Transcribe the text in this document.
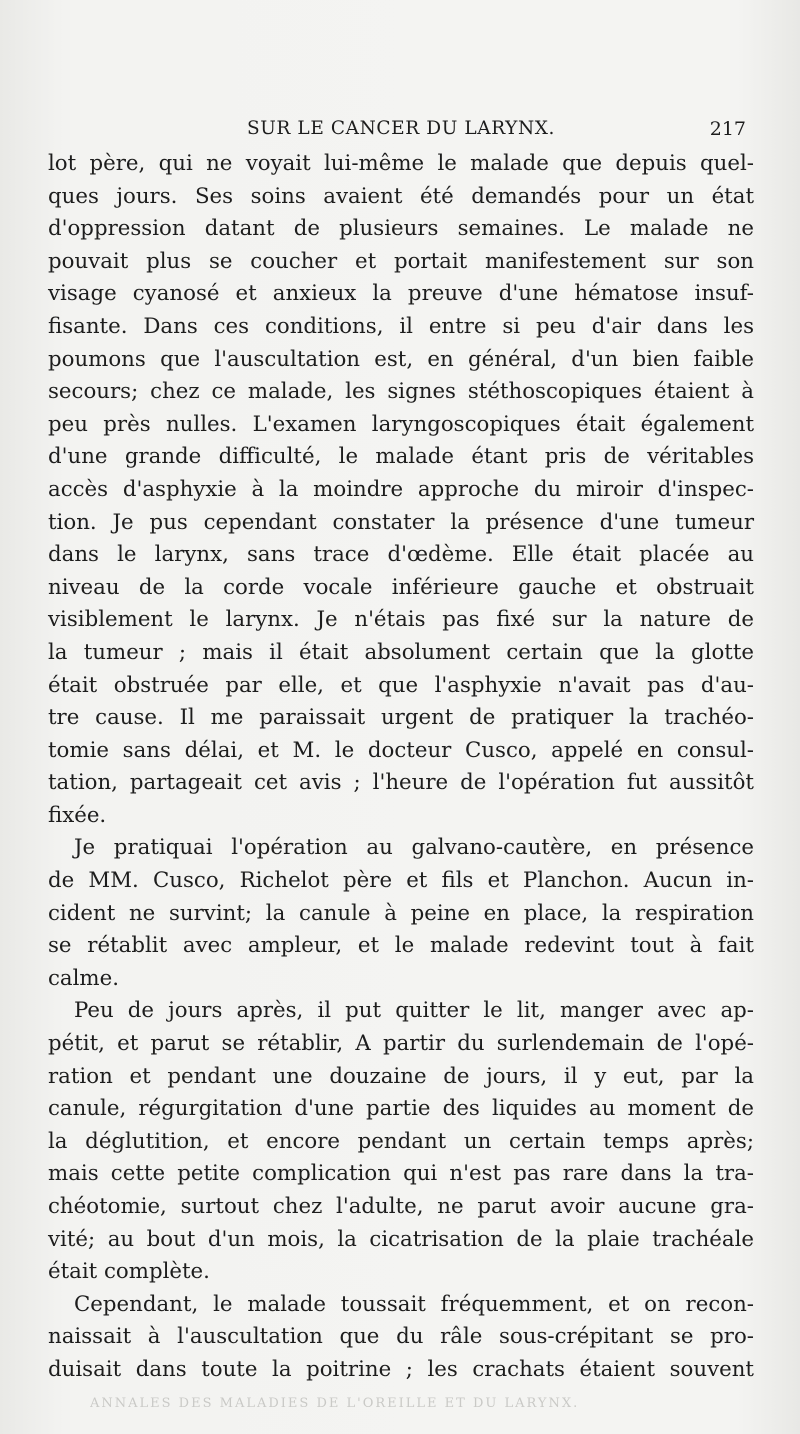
SUR LE CANCER DU LARYNX.	217
lot père, qui ne voyait lui-même le malade que depuis quel-
ques jours. Ses soins avaient été demandés pour un état
d'oppression datant de plusieurs semaines. Le malade ne
pouvait plus se coucher et portait manifestement sur son
visage cyanosé et anxieux la preuve d'une hématose insuf-
fisante. Dans ces conditions, il entre si peu d'air dans les
poumons que l'auscultation est, en général, d'un bien faible
secours; chez ce malade, les signes stéthoscopiques étaient à
peu près nulles. L'examen laryngoscopiques était également
d'une grande difficulté, le malade étant pris de véritables
accès d'asphyxie à la moindre approche du miroir d'inspec-
tion. Je pus cependant constater la présence d'une tumeur
dans le larynx, sans trace d'œdème. Elle était placée au
niveau de la corde vocale inférieure gauche et obstruait
visiblement le larynx. Je n'étais pas fixé sur la nature de
la tumeur ; mais il était absolument certain que la glotte
était obstruée par elle, et que l'asphyxie n'avait pas d'au-
tre cause. Il me paraissait urgent de pratiquer la trachéo-
tomie sans délai, et M. le docteur Cusco, appelé en consul-
tation, partageait cet avis ; l'heure de l'opération fut aussitôt
fixée.
Je pratiquai l'opération au galvano-cautère, en présence
de MM. Cusco, Richelot père et fils et Planchon. Aucun in-
cident ne survint; la canule à peine en place, la respiration
se rétablit avec ampleur, et le malade redevint tout à fait
calme.
Peu de jours après, il put quitter le lit, manger avec ap-
pétit, et parut se rétablir, A partir du surlendemain de l'opé-
ration et pendant une douzaine de jours, il y eut, par la
canule, régurgitation d'une partie des liquides au moment de
la déglutition, et encore pendant un certain temps après;
mais cette petite complication qui n'est pas rare dans la tra-
chéotomie, surtout chez l'adulte, ne parut avoir aucune gra-
vité; au bout d'un mois, la cicatrisation de la plaie trachéale
était complète.
Cependant, le malade toussait fréquemment, et on recon-
naissait à l'auscultation que du râle sous-crépitant se pro-
duisait dans toute la poitrine ; les crachats étaient souvent
ANNALES DES MALADIES DE L'OREILLE ET DU LARYNX.
